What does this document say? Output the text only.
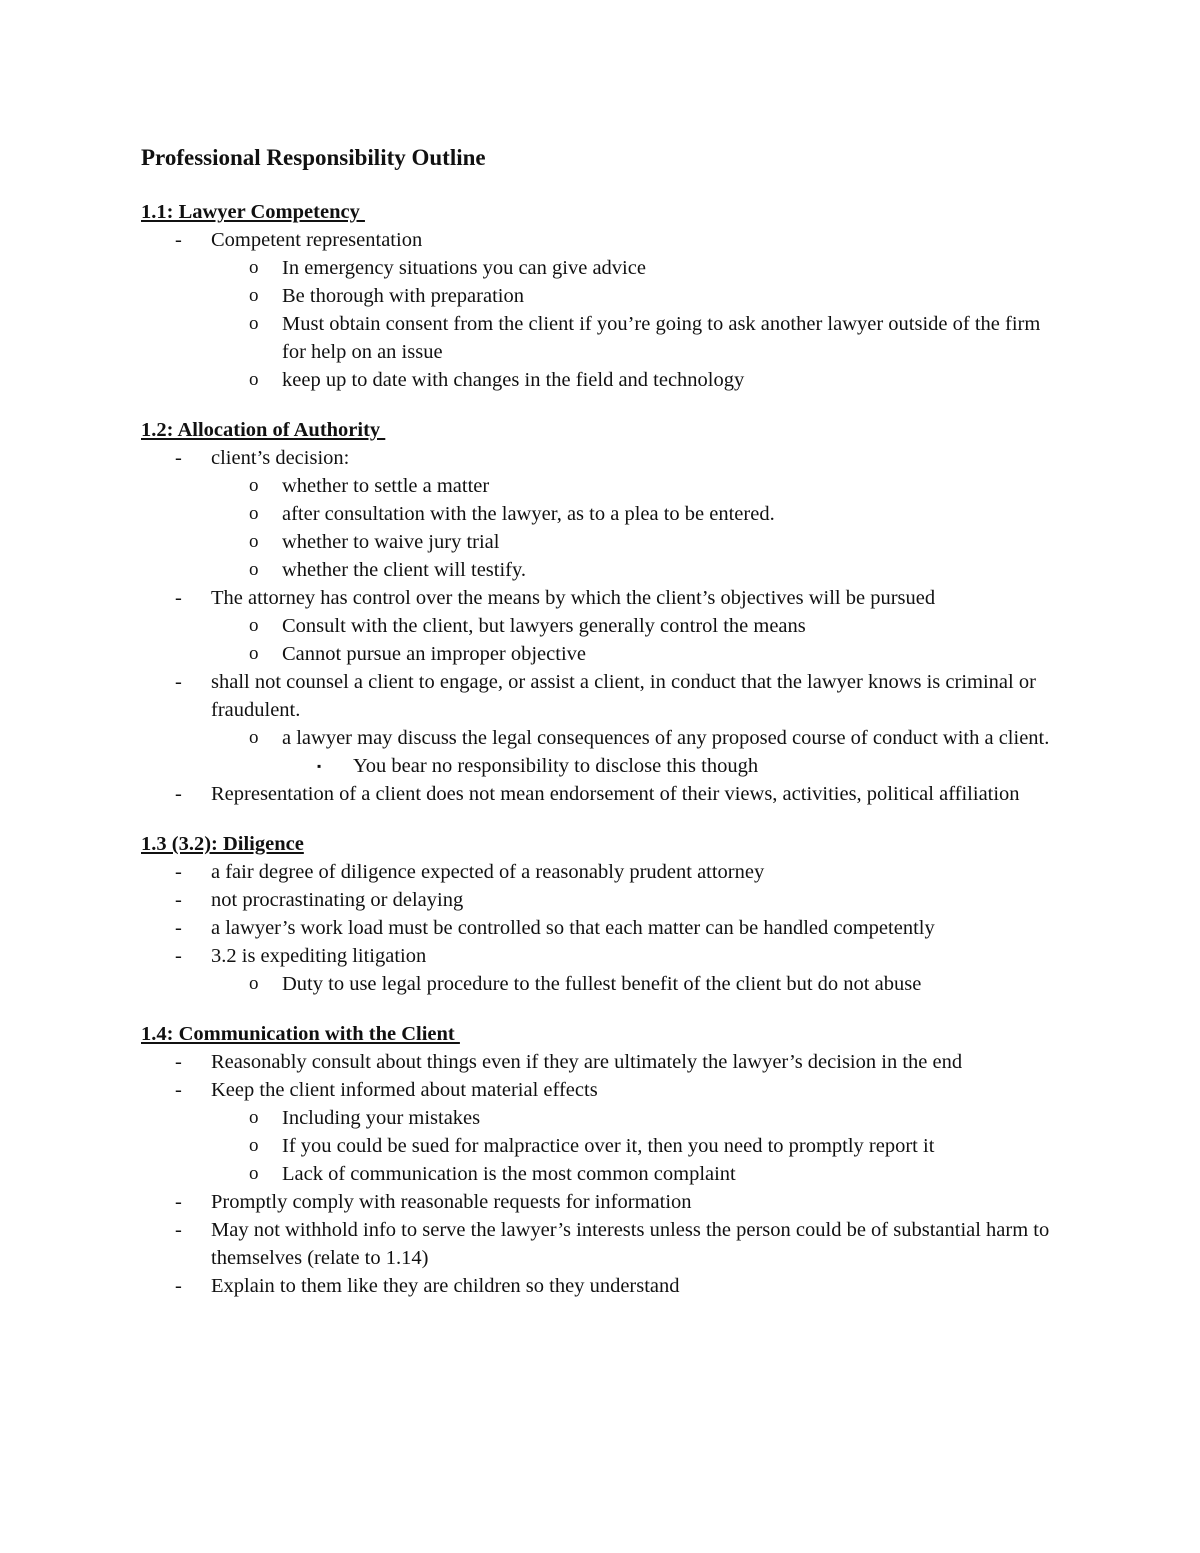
Professional Responsibility Outline
1.1: Lawyer Competency
- Competent representation
o In emergency situations you can give advice
o Be thorough with preparation
o Must obtain consent from the client if you’re going to ask another lawyer outside of the firm for help on an issue
o keep up to date with changes in the field and technology
1.2: Allocation of Authority
- client’s decision:
o whether to settle a matter
o after consultation with the lawyer, as to a plea to be entered.
o whether to waive jury trial
o whether the client will testify.
- The attorney has control over the means by which the client’s objectives will be pursued
o Consult with the client, but lawyers generally control the means
o Cannot pursue an improper objective
- shall not counsel a client to engage, or assist a client, in conduct that the lawyer knows is criminal or fraudulent.
o a lawyer may discuss the legal consequences of any proposed course of conduct with a client.
▪ You bear no responsibility to disclose this though
- Representation of a client does not mean endorsement of their views, activities, political affiliation
1.3 (3.2): Diligence
- a fair degree of diligence expected of a reasonably prudent attorney
- not procrastinating or delaying
- a lawyer’s work load must be controlled so that each matter can be handled competently
- 3.2 is expediting litigation
o Duty to use legal procedure to the fullest benefit of the client but do not abuse
1.4: Communication with the Client
- Reasonably consult about things even if they are ultimately the lawyer’s decision in the end
- Keep the client informed about material effects
o Including your mistakes
o If you could be sued for malpractice over it, then you need to promptly report it
o Lack of communication is the most common complaint
- Promptly comply with reasonable requests for information
- May not withhold info to serve the lawyer’s interests unless the person could be of substantial harm to themselves (relate to 1.14)
- Explain to them like they are children so they understand
